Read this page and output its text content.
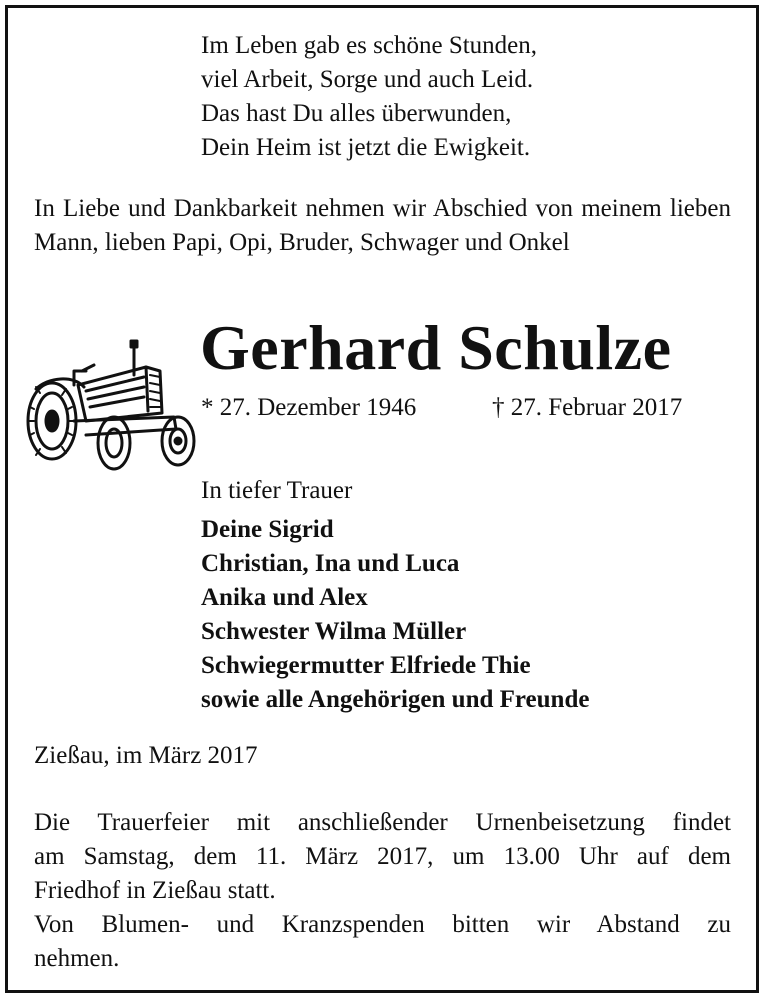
Im Leben gab es schöne Stunden,
viel Arbeit, Sorge und auch Leid.
Das hast Du alles überwunden,
Dein Heim ist jetzt die Ewigkeit.
In Liebe und Dankbarkeit nehmen wir Abschied von meinem lieben Mann, lieben Papi, Opi, Bruder, Schwager und Onkel
Gerhard Schulze
* 27. Dezember 1946	† 27. Februar 2017
In tiefer Trauer
Deine Sigrid
Christian, Ina und Luca
Anika und Alex
Schwester Wilma Müller
Schwiegermutter Elfriede Thie
sowie alle Angehörigen und Freunde
Zießau, im März 2017
Die Trauerfeier mit anschließender Urnenbeisetzung findet
am Samstag, dem 11. März 2017, um 13.00 Uhr auf dem
Friedhof in Zießau statt.
Von Blumen- und Kranzspenden bitten wir Abstand zu
nehmen.
